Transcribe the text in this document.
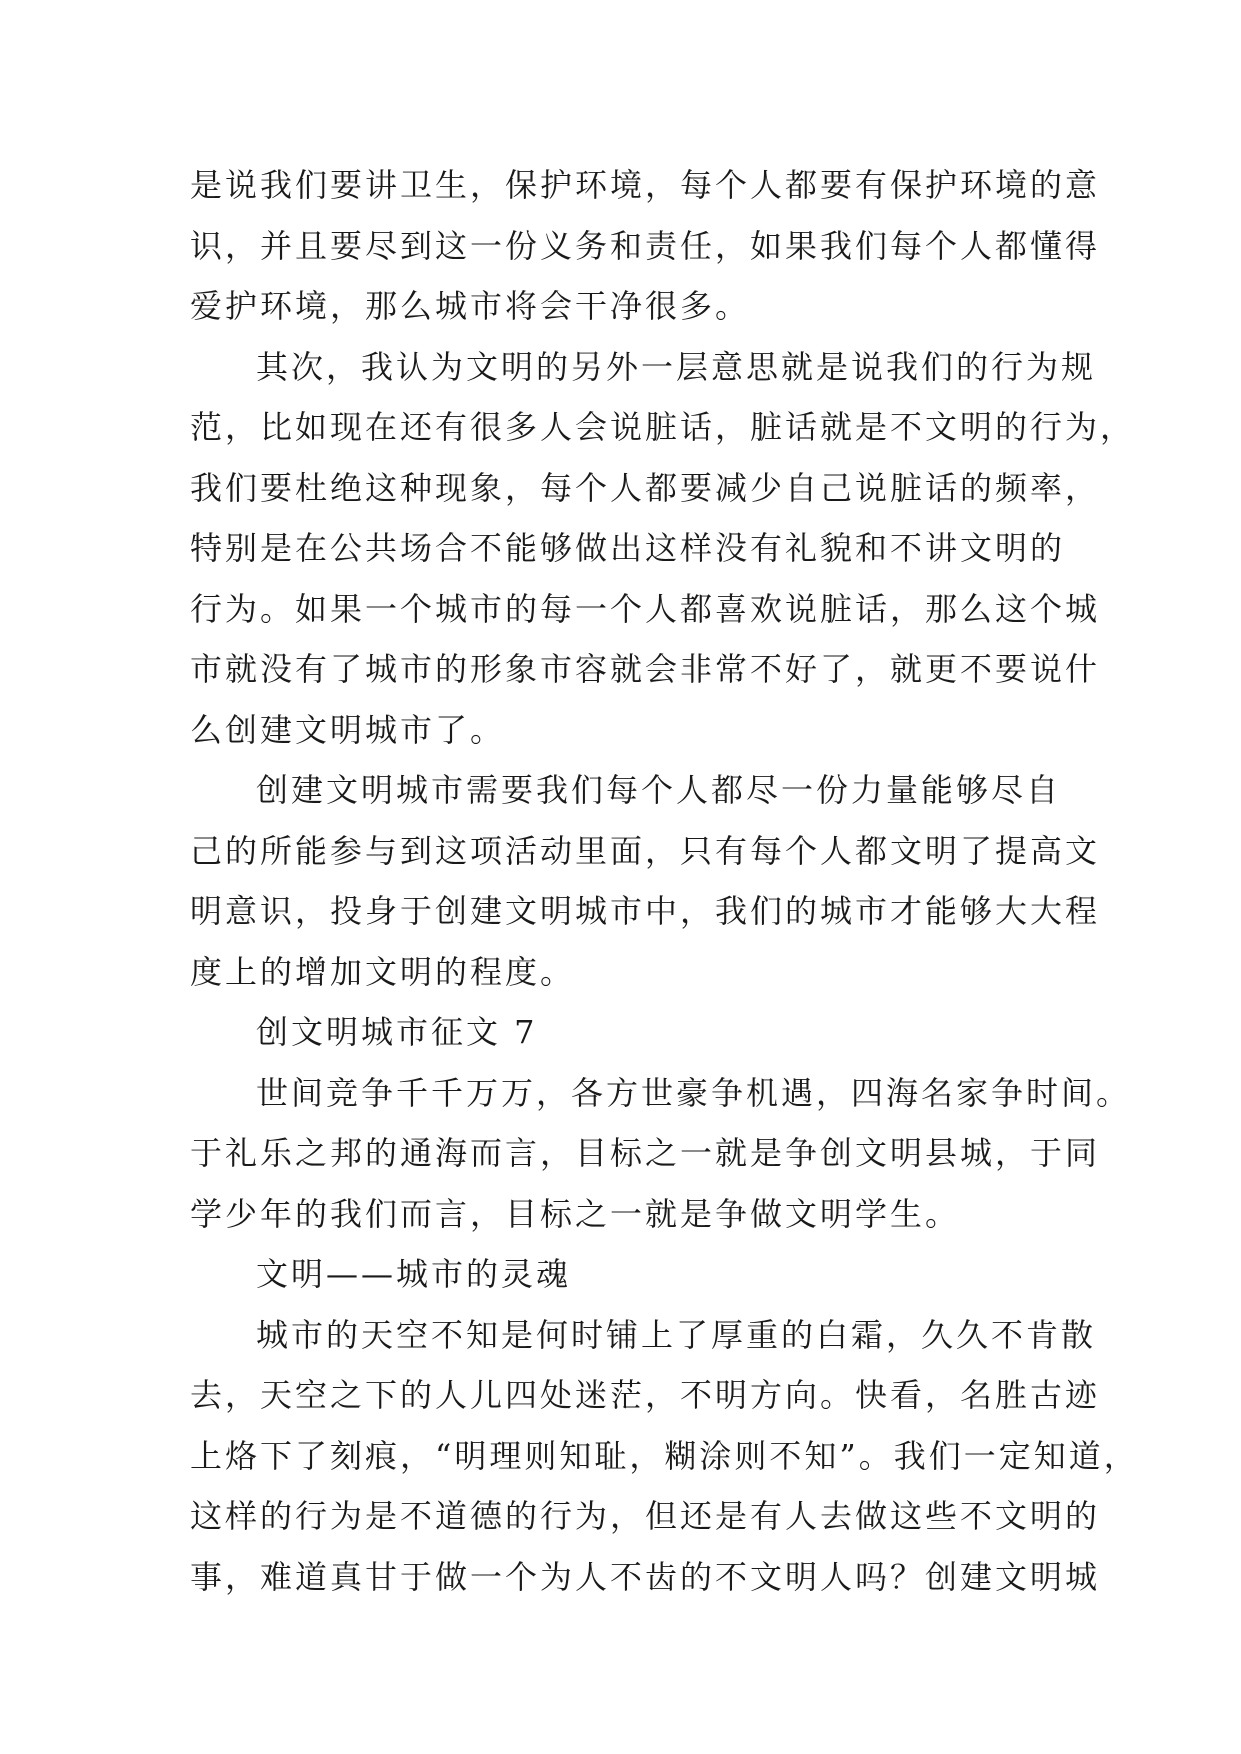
是说我们要讲卫生，保护环境，每个人都要有保护环境的意
识，并且要尽到这一份义务和责任，如果我们每个人都懂得
爱护环境，那么城市将会干净很多。
其次，我认为文明的另外一层意思就是说我们的行为规
范，比如现在还有很多人会说脏话，脏话就是不文明的行为，
我们要杜绝这种现象，每个人都要减少自己说脏话的频率，
特别是在公共场合不能够做出这样没有礼貌和不讲文明的
行为。如果一个城市的每一个人都喜欢说脏话，那么这个城
市就没有了城市的形象市容就会非常不好了，就更不要说什
么创建文明城市了。
创建文明城市需要我们每个人都尽一份力量能够尽自
己的所能参与到这项活动里面，只有每个人都文明了提高文
明意识，投身于创建文明城市中，我们的城市才能够大大程
度上的增加文明的程度。
创文明城市征文 7
世间竞争千千万万，各方世豪争机遇，四海名家争时间。
于礼乐之邦的通海而言，目标之一就是争创文明县城，于同
学少年的我们而言，目标之一就是争做文明学生。
文明——城市的灵魂
城市的天空不知是何时铺上了厚重的白霜，久久不肯散
去，天空之下的人儿四处迷茫，不明方向。快看，名胜古迹
上烙下了刻痕，“明理则知耻，糊涂则不知”。我们一定知道，
这样的行为是不道德的行为，但还是有人去做这些不文明的
事，难道真甘于做一个为人不齿的不文明人吗？创建文明城
